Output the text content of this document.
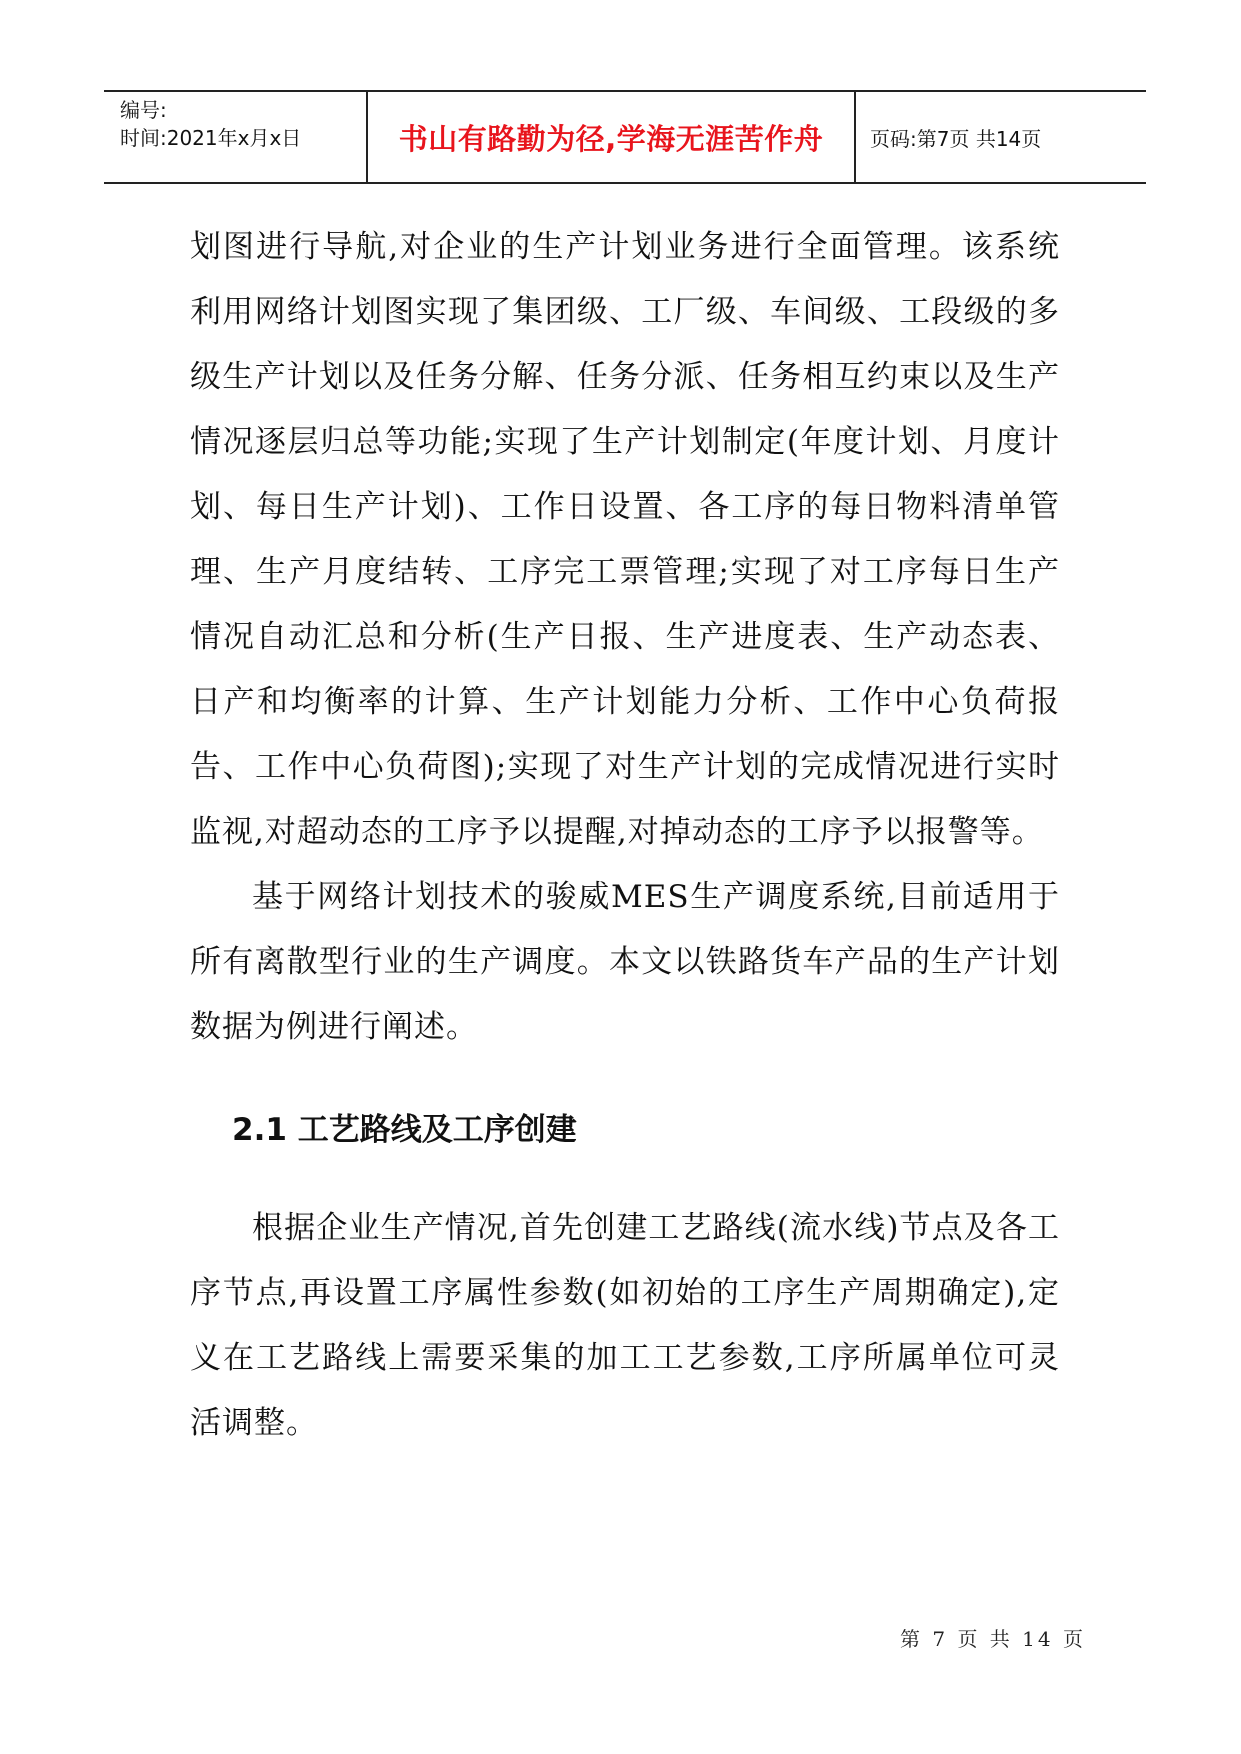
编号:
时间:2021年x月x日	书山有路勤为径,学海无涯苦作舟 页码:第7页 共14页

划图进行导航,对企业的生产计划业务进行全面管理。该系统利用网络计划图实现了集团级、工厂级、车间级、工段级的多级生产计划以及任务分解、任务分派、任务相互约束以及生产情况逐层归总等功能;实现了生产计划制定(年度计划、月度计划、每日生产计划)、工作日设置、各工序的每日物料清单管理、生产月度结转、工序完工票管理;实现了对工序每日生产情况自动汇总和分析(生产日报、生产进度表、生产动态表、日产和均衡率的计算、生产计划能力分析、工作中心负荷报告、工作中心负荷图);实现了对生产计划的完成情况进行实时监视,对超动态的工序予以提醒,对掉动态的工序予以报警等。

基于网络计划技术的骏威MES生产调度系统,目前适用于所有离散型行业的生产调度。本文以铁路货车产品的生产计划数据为例进行阐述。

2.1 工艺路线及工序创建

根据企业生产情况,首先创建工艺路线(流水线)节点及各工序节点,再设置工序属性参数(如初始的工序生产周期确定),定义在工艺路线上需要采集的加工工艺参数,工序所属单位可灵活调整。

第 7 页 共 14 页
